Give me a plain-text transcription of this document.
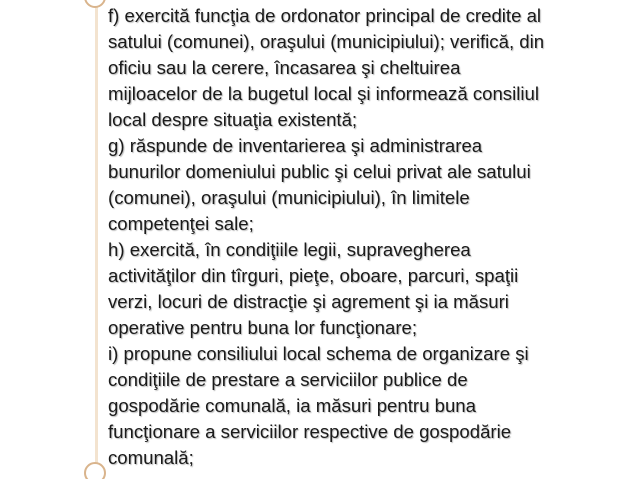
f) exercită funcţia de ordonator principal de credite al
satului (comunei), oraşului (municipiului); verifică, din
oficiu sau la cerere, încasarea şi cheltuirea
mijloacelor de la bugetul local şi informează consiliul
local despre situaţia existentă;
g) răspunde de inventarierea şi administrarea
bunurilor domeniului public şi celui privat ale satului
(comunei), oraşului (municipiului), în limitele
competenţei sale;
h) exercită, în condiţiile legii, supravegherea
activităţilor din tîrguri, pieţe, oboare, parcuri, spaţii
verzi, locuri de distracţie şi agrement şi ia măsuri
operative pentru buna lor funcţionare;
i) propune consiliului local schema de organizare şi
condiţiile de prestare a serviciilor publice de
gospodărie comunală, ia măsuri pentru buna
funcţionare a serviciilor respective de gospodărie
comunală;
